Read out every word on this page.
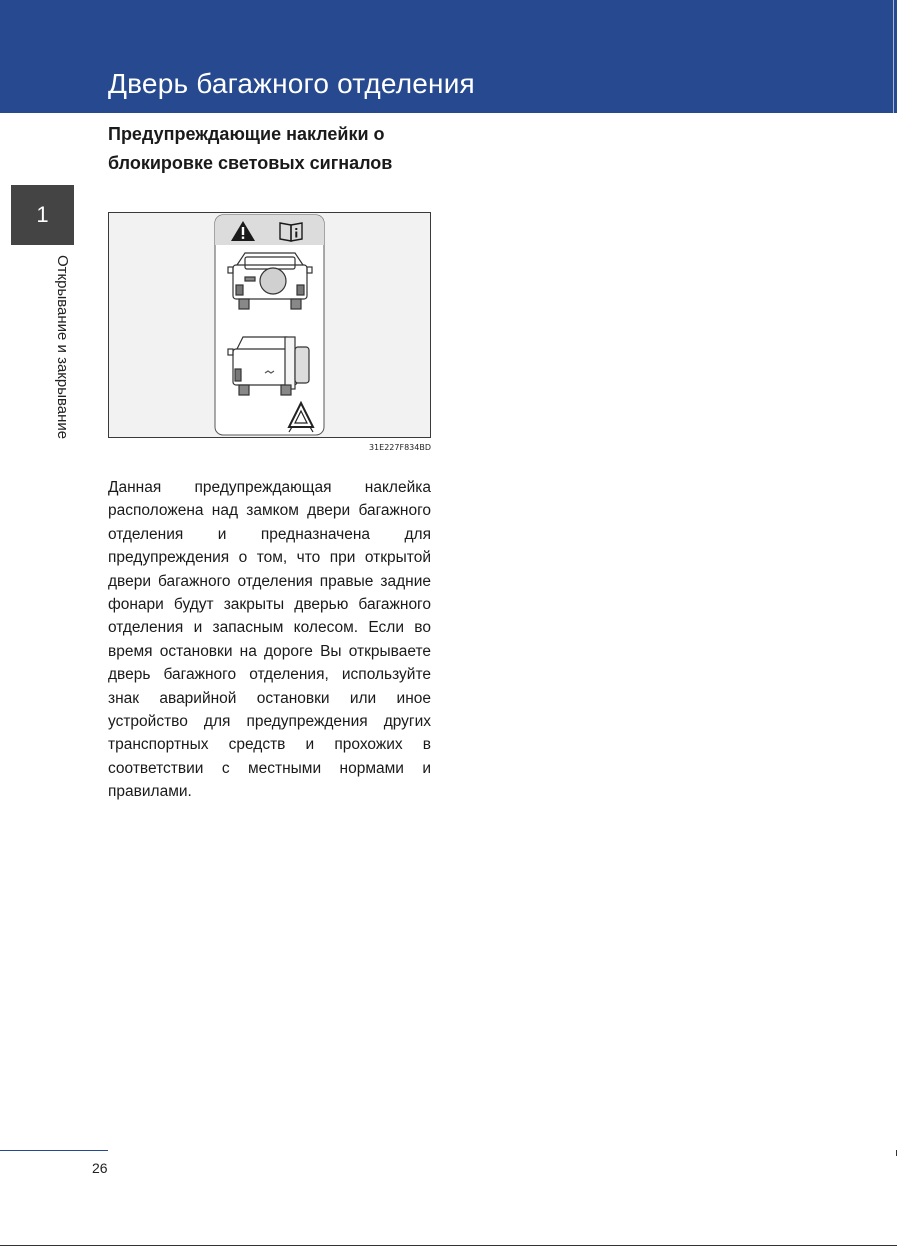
Дверь багажного отделения
1
Открывание и закрывание
Предупреждающие наклейки о блокировке световых сигналов
31E227F834BD
Данная предупреждающая наклейка расположена над замком двери багажного отделения и предназначена для предупреждения о том, что при открытой двери багажного отделения правые задние фонари будут закрыты дверью багажного отделения и запасным колесом. Если во время остановки на дороге Вы открываете дверь багажного отделения, используйте знак аварийной остановки или иное устройство для предупреждения других транспортных средств и прохожих в соответствии с местными нормами и правилами.
26
